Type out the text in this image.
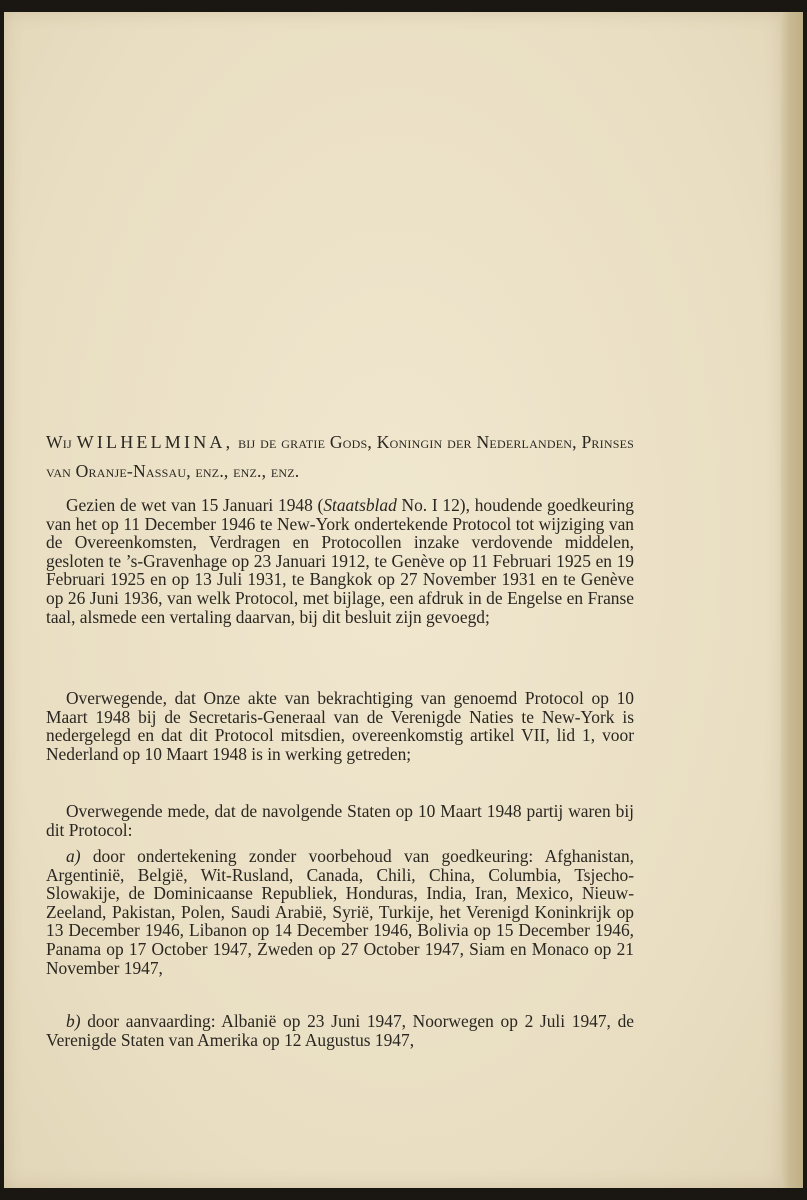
Wij WILHELMINA, bij de gratie Gods, Koningin der Nederlanden, Prinses van Oranje-Nassau, enz., enz., enz.

Gezien de wet van 15 Januari 1948 (Staatsblad No. I 12), houdende goedkeuring van het op 11 December 1946 te New-York ondertekende Protocol tot wijziging van de Overeenkomsten, Verdragen en Protocollen inzake verdovende middelen, gesloten te ’s-Gravenhage op 23 Januari 1912, te Genève op 11 Februari 1925 en 19 Februari 1925 en op 13 Juli 1931, te Bangkok op 27 November 1931 en te Genève op 26 Juni 1936, van welk Protocol, met bijlage, een afdruk in de Engelse en Franse taal, alsmede een vertaling daarvan, bij dit besluit zijn gevoegd;

Overwegende, dat Onze akte van bekrachtiging van genoemd Protocol op 10 Maart 1948 bij de Secretaris-Generaal van de Verenigde Naties te New-York is nedergelegd en dat dit Protocol mitsdien, overeenkomstig artikel VII, lid 1, voor Nederland op 10 Maart 1948 is in werking getreden;

Overwegende mede, dat de navolgende Staten op 10 Maart 1948 partij waren bij dit Protocol:

a) door ondertekening zonder voorbehoud van goedkeuring: Afghanistan, Argentinië, België, Wit-Rusland, Canada, Chili, China, Columbia, Tsjecho-Slowakije, de Dominicaanse Republiek, Honduras, India, Iran, Mexico, Nieuw-Zeeland, Pakistan, Polen, Saudi Arabië, Syrië, Turkije, het Verenigd Koninkrijk op 13 December 1946, Libanon op 14 December 1946, Bolivia op 15 December 1946, Panama op 17 October 1947, Zweden op 27 October 1947, Siam en Monaco op 21 November 1947,

b) door aanvaarding: Albanië op 23 Juni 1947, Noorwegen op 2 Juli 1947, de Verenigde Staten van Amerika op 12 Augustus 1947,
